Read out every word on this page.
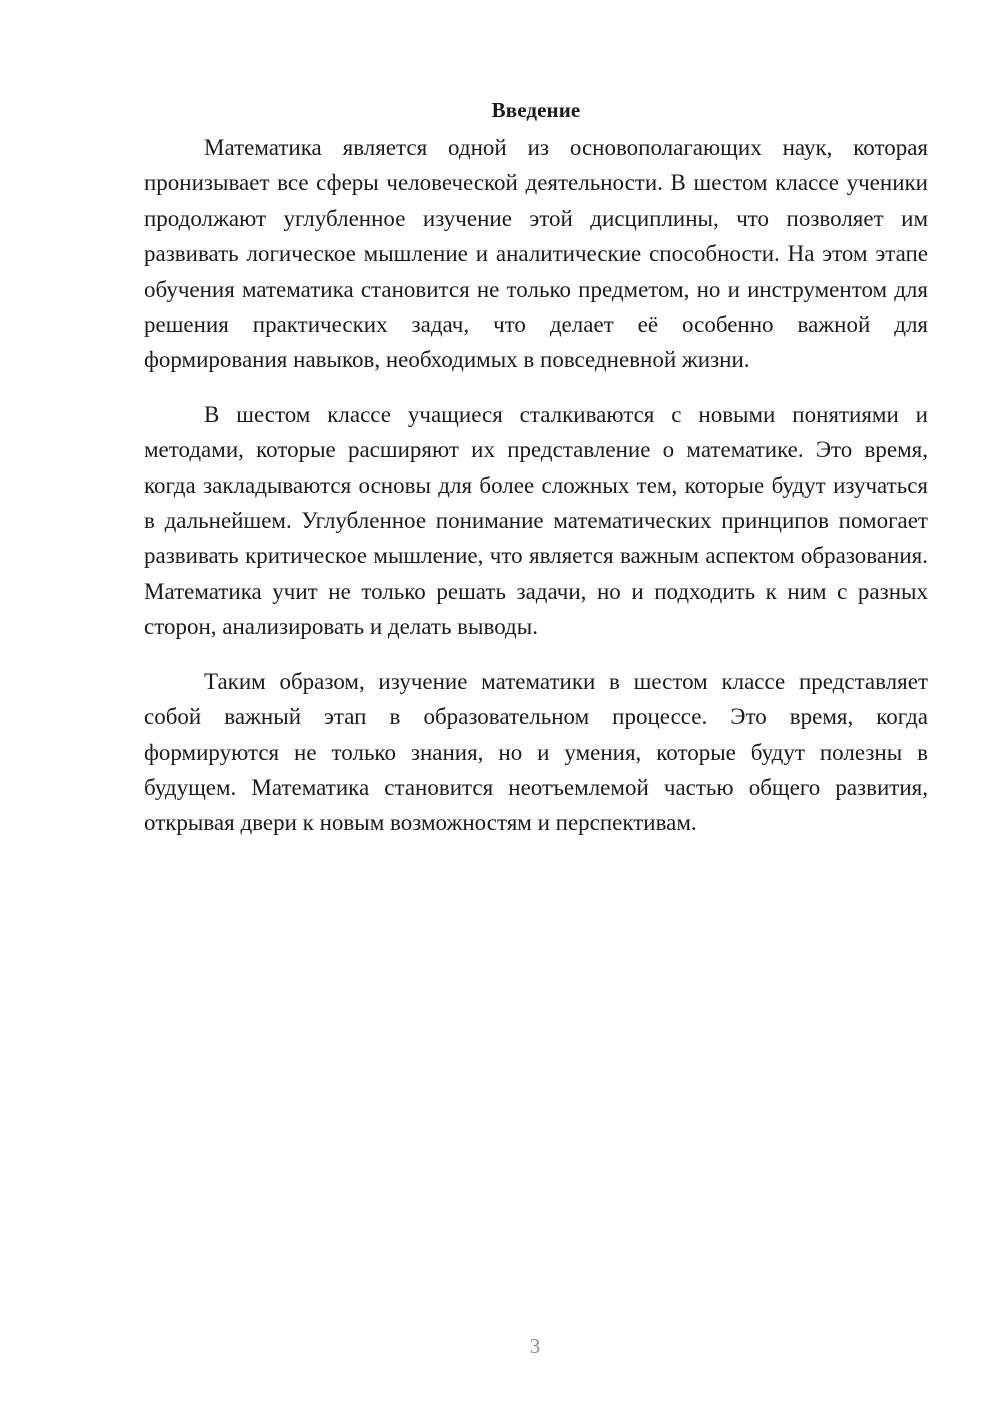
Введение

Математика является одной из основополагающих наук, которая пронизывает все сферы человеческой деятельности. В шестом классе ученики продолжают углубленное изучение этой дисциплины, что позволяет им развивать логическое мышление и аналитические способности. На этом этапе обучения математика становится не только предметом, но и инструментом для решения практических задач, что делает её особенно важной для формирования навыков, необходимых в повседневной жизни.

В шестом классе учащиеся сталкиваются с новыми понятиями и методами, которые расширяют их представление о математике. Это время, когда закладываются основы для более сложных тем, которые будут изучаться в дальнейшем. Углубленное понимание математических принципов помогает развивать критическое мышление, что является важным аспектом образования. Математика учит не только решать задачи, но и подходить к ним с разных сторон, анализировать и делать выводы.

Таким образом, изучение математики в шестом классе представляет собой важный этап в образовательном процессе. Это время, когда формируются не только знания, но и умения, которые будут полезны в будущем. Математика становится неотъемлемой частью общего развития, открывая двери к новым возможностям и перспективам.

3
